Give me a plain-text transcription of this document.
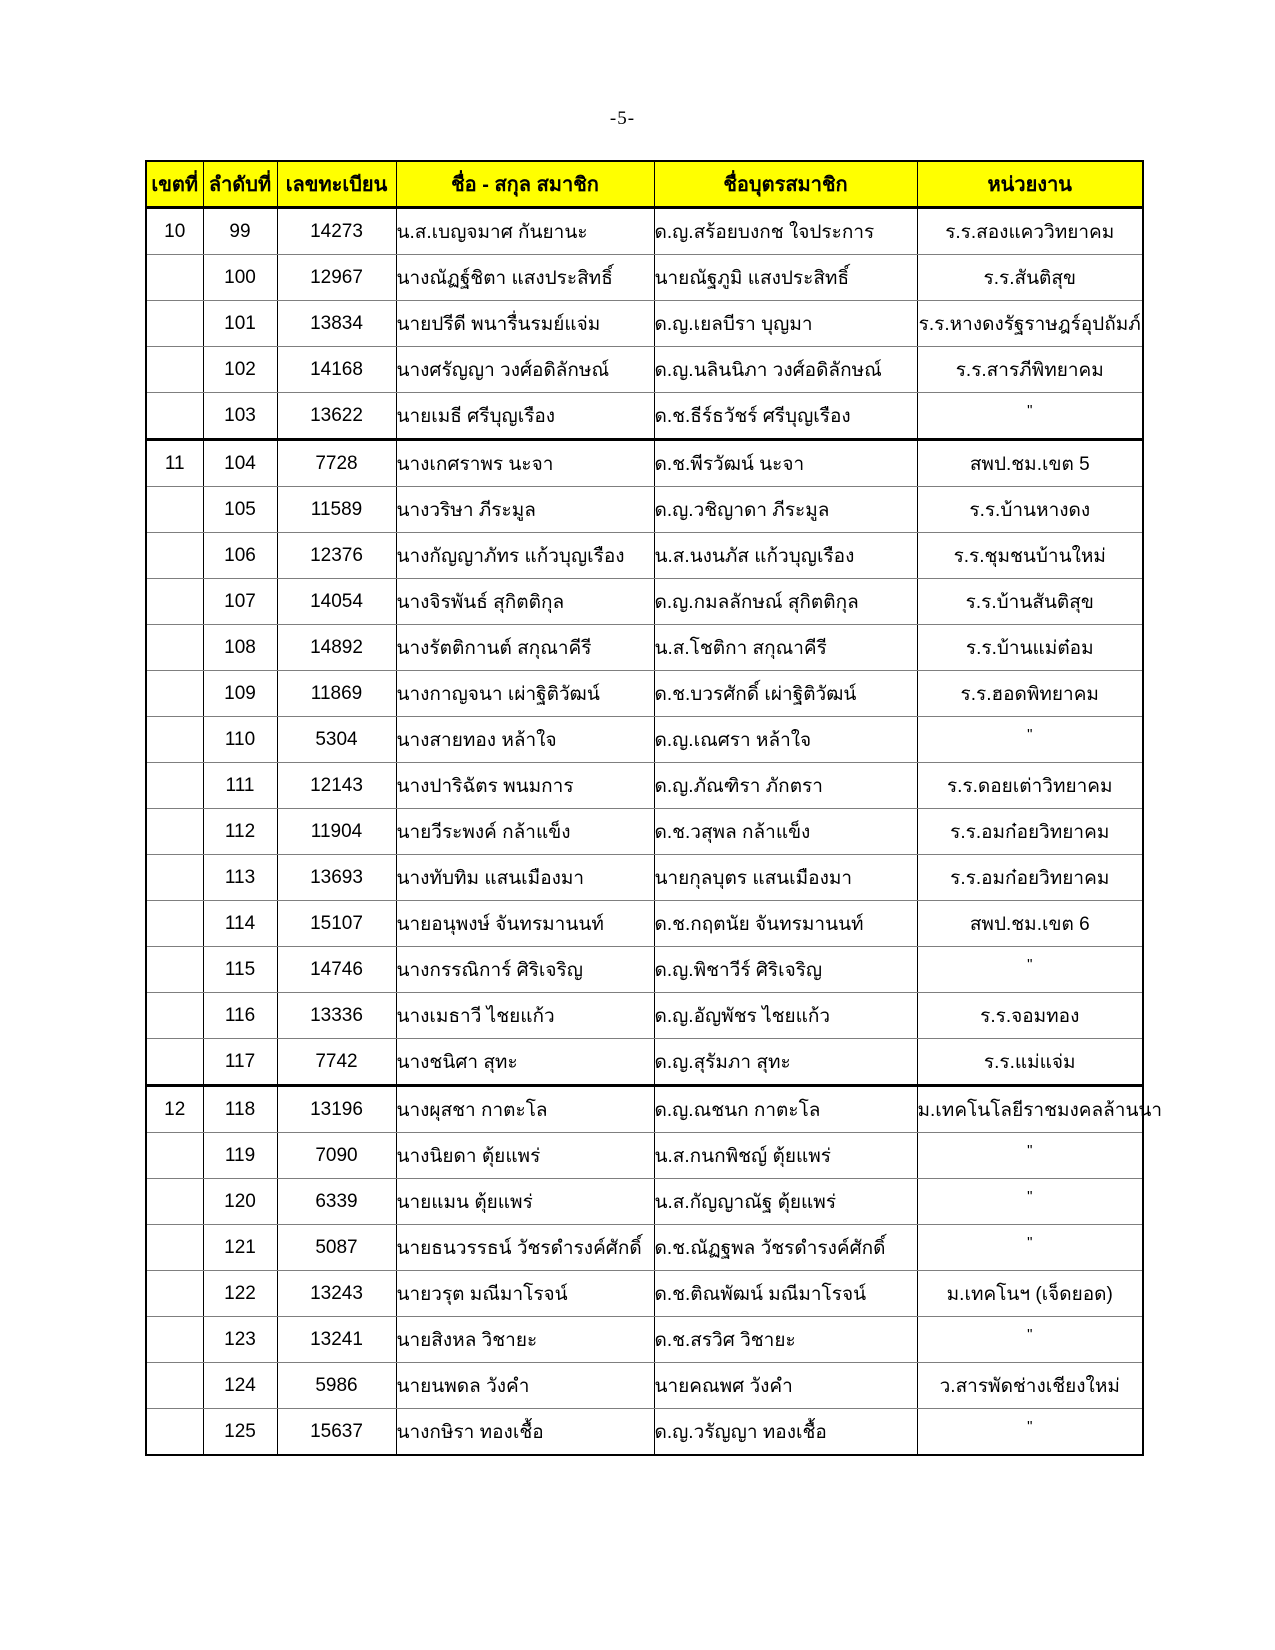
-5-
เขตที่	ลำดับที่	เลขทะเบียน	ชื่อ - สกุล สมาชิก	ชื่อบุตรสมาชิก	หน่วยงาน
10	99	14273	น.ส.เบญจมาศ กันยานะ	ด.ญ.สร้อยบงกช ใจประการ	ร.ร.สองแคววิทยาคม
	100	12967	นางณัฏฐ์ชิตา แสงประสิทธิ์	นายณัฐภูมิ แสงประสิทธิ์	ร.ร.สันติสุข
	101	13834	นายปรีดี พนารื่นรมย์แจ่ม	ด.ญ.เยลบีรา บุญมา	ร.ร.หางดงรัฐราษฎร์อุปถัมภ์
	102	14168	นางศรัญญา วงศ์อดิลักษณ์	ด.ญ.นลินนิภา วงศ์อดิลักษณ์	ร.ร.สารภีพิทยาคม
	103	13622	นายเมธี ศรีบุญเรือง	ด.ช.ธีร์ธวัชร์ ศรีบุญเรือง	"
11	104	7728	นางเกศราพร นะจา	ด.ช.พีรวัฒน์ นะจา	สพป.ชม.เขต 5
	105	11589	นางวริษา ภีระมูล	ด.ญ.วชิญาดา ภีระมูล	ร.ร.บ้านหางดง
	106	12376	นางกัญญาภัทร แก้วบุญเรือง	น.ส.นงนภัส แก้วบุญเรือง	ร.ร.ชุมชนบ้านใหม่
	107	14054	นางจิรพันธ์ สุกิตติกุล	ด.ญ.กมลลักษณ์ สุกิตติกุล	ร.ร.บ้านสันติสุข
	108	14892	นางรัตติกานต์ สกุณาคีรี	น.ส.โชติกา สกุณาคีรี	ร.ร.บ้านแม่ต๋อม
	109	11869	นางกาญจนา เผ่าฐิติวัฒน์	ด.ช.บวรศักดิ์ เผ่าฐิติวัฒน์	ร.ร.ฮอดพิทยาคม
	110	5304	นางสายทอง หล้าใจ	ด.ญ.เณศรา หล้าใจ	"
	111	12143	นางปาริฉัตร พนมการ	ด.ญ.ภัณฑิรา ภักตรา	ร.ร.ดอยเต่าวิทยาคม
	112	11904	นายวีระพงค์ กล้าแข็ง	ด.ช.วสุพล กล้าแข็ง	ร.ร.อมก๋อยวิทยาคม
	113	13693	นางทับทิม แสนเมืองมา	นายกุลบุตร แสนเมืองมา	ร.ร.อมก๋อยวิทยาคม
	114	15107	นายอนุพงษ์ จันทรมานนท์	ด.ช.กฤตนัย จันทรมานนท์	สพป.ชม.เขต 6
	115	14746	นางกรรณิการ์ ศิริเจริญ	ด.ญ.พิชาวีร์ ศิริเจริญ	"
	116	13336	นางเมธาวี ไชยแก้ว	ด.ญ.อัญพัชร ไชยแก้ว	ร.ร.จอมทอง
	117	7742	นางชนิศา สุทะ	ด.ญ.สุรัมภา สุทะ	ร.ร.แม่แจ่ม
12	118	13196	นางผุสชา กาตะโล	ด.ญ.ณชนก กาตะโล	ม.เทคโนโลยีราชมงคลล้านนา
	119	7090	นางนิยดา ตุ้ยแพร่	น.ส.กนกพิชญ์ ตุ้ยแพร่	"
	120	6339	นายแมน ตุ้ยแพร่	น.ส.กัญญาณัฐ ตุ้ยแพร่	"
	121	5087	นายธนวรรธน์ วัชรดำรงค์ศักดิ์	ด.ช.ณัฏฐพล วัชรดำรงค์ศักดิ์	"
	122	13243	นายวรุต มณีมาโรจน์	ด.ช.ติณพัฒน์ มณีมาโรจน์	ม.เทคโนฯ (เจ็ดยอด)
	123	13241	นายสิงหล วิชายะ	ด.ช.สรวิศ วิชายะ	"
	124	5986	นายนพดล วังคำ	นายคณพศ วังคำ	ว.สารพัดช่างเชียงใหม่
	125	15637	นางกษิรา ทองเชื้อ	ด.ญ.วรัญญา ทองเชื้อ	"
